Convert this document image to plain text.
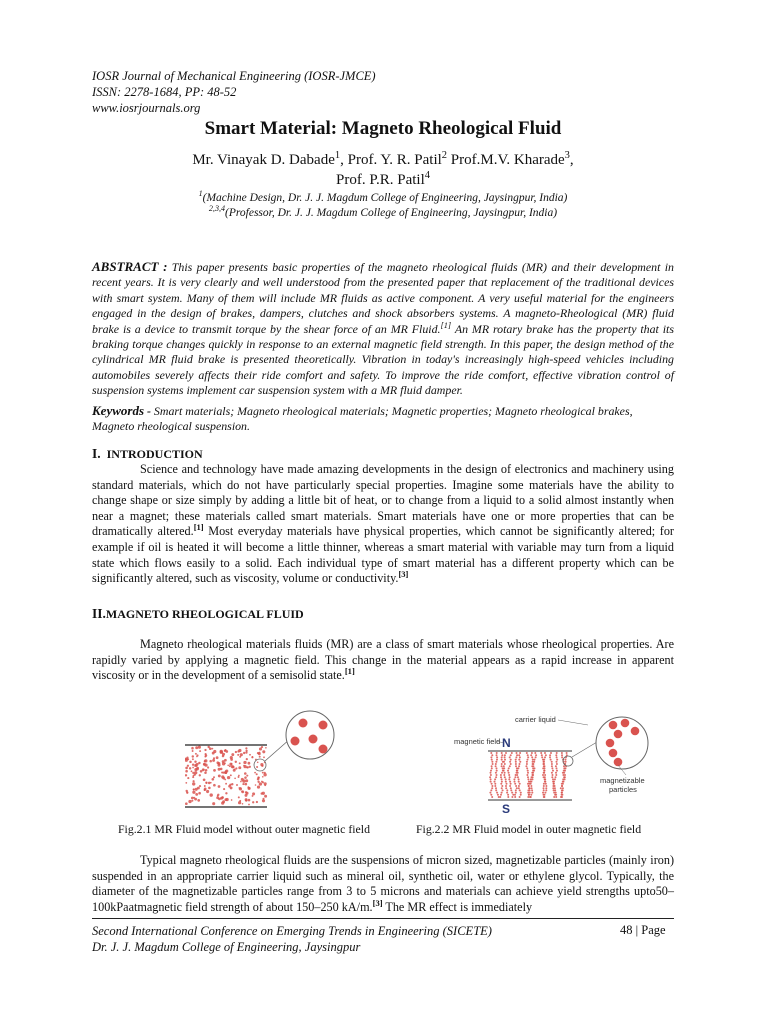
IOSR Journal of Mechanical Engineering (IOSR-JMCE)
ISSN: 2278-1684, PP: 48-52
www.iosrjournals.org
Smart Material: Magneto Rheological Fluid
Mr. Vinayak D. Dabade$^1$, Prof. Y. R. Patil$^2$ Prof.M.V. Kharade$^3$,
Prof. P.R. Patil$^4$
$^1$(Machine Design, Dr. J. J. Magdum College of Engineering, Jaysingpur, India)
$^{2,3,4}$(Professor, Dr. J. J. Magdum College of Engineering, Jaysingpur, India)
ABSTRACT : This paper presents basic properties of the magneto rheological fluids (MR) and their development in recent years. It is very clearly and well understood from the presented paper that replacement of the traditional devices with smart system. Many of them will include MR fluids as active component. A very useful material for the engineers engaged in the design of brakes, dampers, clutches and shock absorbers systems. A magneto-Rheological (MR) fluid brake is a device to transmit torque by the shear force of an MR Fluid.[1] An MR rotary brake has the property that its braking torque changes quickly in response to an external magnetic field strength. In this paper, the design method of the cylindrical MR fluid brake is presented theoretically. Vibration in today's increasingly high-speed vehicles including automobiles severely affects their ride comfort and safety. To improve the ride comfort, effective vibration control of suspension systems implement car suspension system with a MR fluid damper.
Keywords - Smart materials; Magneto rheological materials; Magnetic properties; Magneto rheological brakes, Magneto rheological suspension.
I. INTRODUCTION

Science and technology have made amazing developments in the design of electronics and machinery using standard materials, which do not have particularly special properties. Imagine some materials have the ability to change shape or size simply by adding a little bit of heat, or to change from a liquid to a solid almost instantly when near a magnet; these materials called smart materials. Smart materials have one or more properties that can be dramatically altered.[1] Most everyday materials have physical properties, which cannot be significantly altered; for example if oil is heated it will become a little thinner, whereas a smart material with variable may turn from a liquid state which flows easily to a solid. Each individual type of smart material has a different property which can be significantly altered, such as viscosity, volume or conductivity.[3]

II.MAGNETO RHEOLOGICAL FLUID

Magneto rheological materials fluids (MR) are a class of smart materials whose rheological properties. Are rapidly varied by applying a magnetic field. This change in the material appears as a rapid increase in apparent viscosity or in the development of a semisolid state.[1]

carrier liquid
magnetic field N
S
magnetizable
particles
Fig.2.1 MR Fluid model without outer magnetic field	Fig.2.2 MR Fluid model in outer magnetic field

Typical magneto rheological fluids are the suspensions of micron sized, magnetizable particles (mainly iron) suspended in an appropriate carrier liquid such as mineral oil, synthetic oil, water or ethylene glycol. Typically, the diameter of the magnetizable particles range from 3 to 5 microns and materials can achieve yield strengths upto50–100kPaatmagnetic field strength of about 150–250 kA/m.[3] The MR effect is immediately

Second International Conference on Emerging Trends in Engineering (SICETE)	48 | Page
Dr. J. J. Magdum College of Engineering, Jaysingpur
